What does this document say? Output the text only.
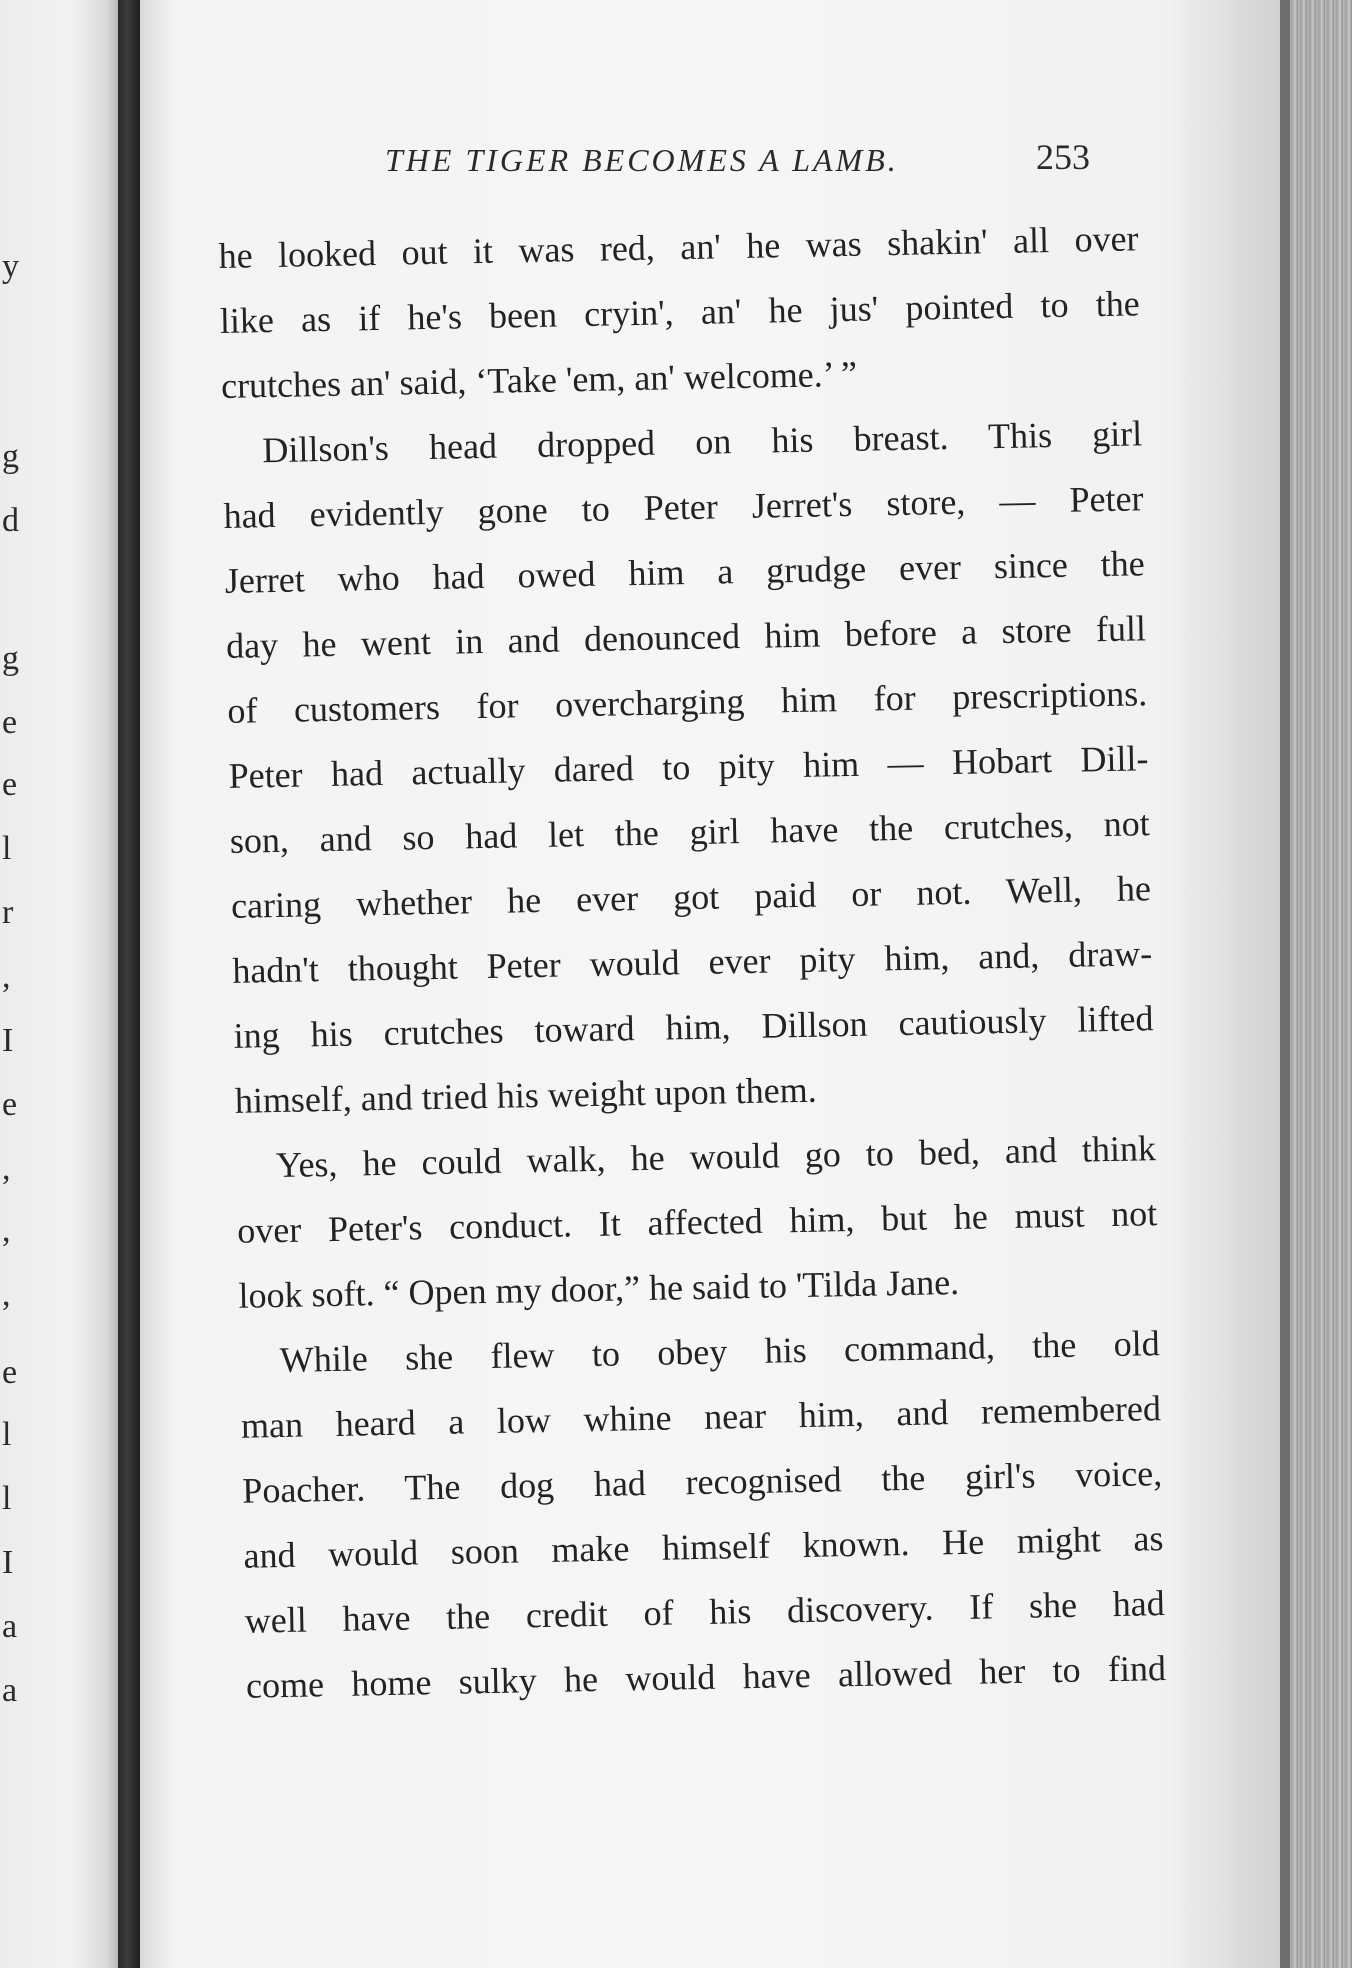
y
g
d
g
e
e
l
r
,
I
e
,
,
,
e
l
l
I
a
a
THE TIGER BECOMES A LAMB.	253
he looked out it was red, an' he was shakin' all over
like as if he's been cryin', an' he jus' pointed to the
crutches an' said, ‘Take 'em, an' welcome.’ ”
Dillson's head dropped on his breast. This girl
had evidently gone to Peter Jerret's store, — Peter
Jerret who had owed him a grudge ever since the
day he went in and denounced him before a store full
of customers for overcharging him for prescriptions.
Peter had actually dared to pity him — Hobart Dill-
son, and so had let the girl have the crutches, not
caring whether he ever got paid or not. Well, he
hadn't thought Peter would ever pity him, and, draw-
ing his crutches toward him, Dillson cautiously lifted
himself, and tried his weight upon them.
Yes, he could walk, he would go to bed, and think
over Peter's conduct. It affected him, but he must not
look soft. “ Open my door,” he said to 'Tilda Jane.
While she flew to obey his command, the old
man heard a low whine near him, and remembered
Poacher. The dog had recognised the girl's voice,
and would soon make himself known. He might as
well have the credit of his discovery. If she had
come home sulky he would have allowed her to find
